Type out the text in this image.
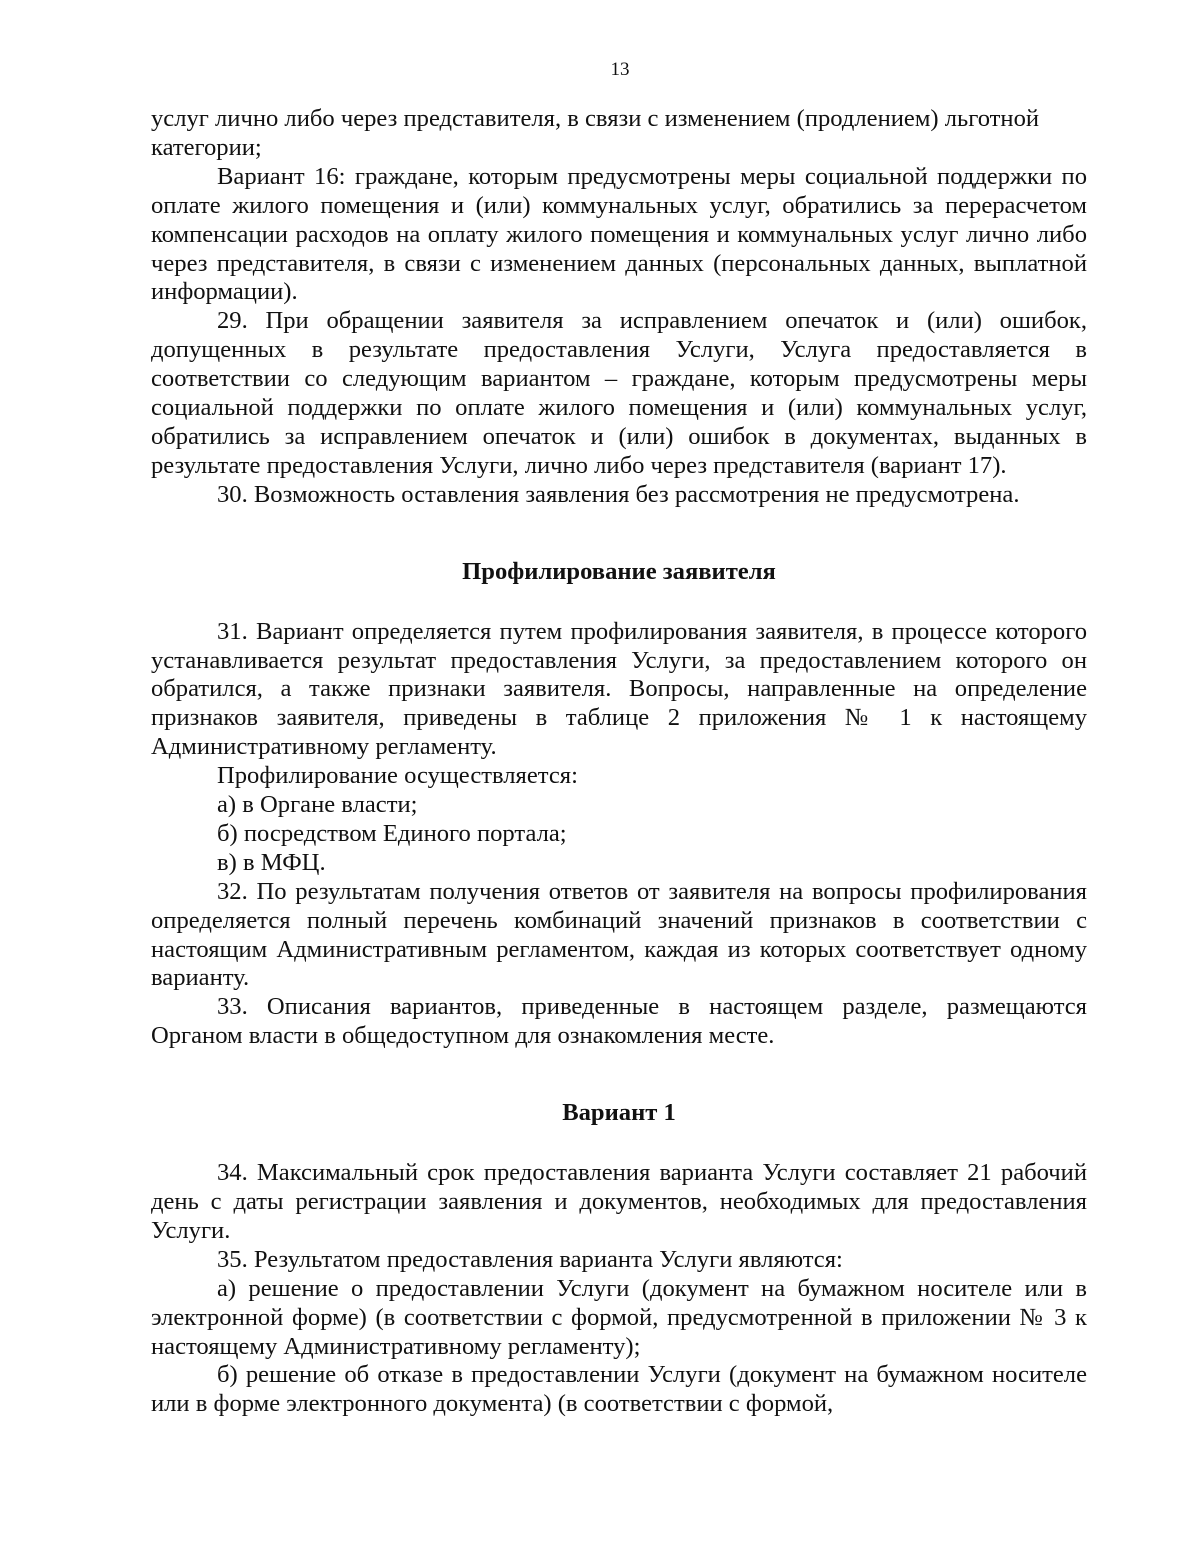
13

услуг лично либо через представителя, в связи с изменением (продлением) льготной категории;

Вариант 16: граждане, которым предусмотрены меры социальной поддержки по оплате жилого помещения и (или) коммунальных услуг, обратились за перерасчетом компенсации расходов на оплату жилого помещения и коммунальных услуг лично либо через представителя, в связи с изменением данных (персональных данных, выплатной информации).

29. При обращении заявителя за исправлением опечаток и (или) ошибок, допущенных в результате предоставления Услуги, Услуга предоставляется в соответствии со следующим вариантом – граждане, которым предусмотрены меры социальной поддержки по оплате жилого помещения и (или) коммунальных услуг, обратились за исправлением опечаток и (или) ошибок в документах, выданных в результате предоставления Услуги, лично либо через представителя (вариант 17).

30. Возможность оставления заявления без рассмотрения не предусмотрена.

Профилирование заявителя

31. Вариант определяется путем профилирования заявителя, в процессе которого устанавливается результат предоставления Услуги, за предоставлением которого он обратился, а также признаки заявителя. Вопросы, направленные на определение признаков заявителя, приведены в таблице 2 приложения № 1 к настоящему Административному регламенту.

Профилирование осуществляется:

а) в Органе власти;

б) посредством Единого портала;

в) в МФЦ.

32. По результатам получения ответов от заявителя на вопросы профилирования определяется полный перечень комбинаций значений признаков в соответствии с настоящим Административным регламентом, каждая из которых соответствует одному варианту.

33. Описания вариантов, приведенные в настоящем разделе, размещаются Органом власти в общедоступном для ознакомления месте.

Вариант 1

34. Максимальный срок предоставления варианта Услуги составляет 21 рабочий день с даты регистрации заявления и документов, необходимых для предоставления Услуги.

35. Результатом предоставления варианта Услуги являются:

а) решение о предоставлении Услуги (документ на бумажном носителе или в электронной форме) (в соответствии с формой, предусмотренной в приложении № 3 к настоящему Административному регламенту);

б) решение об отказе в предоставлении Услуги (документ на бумажном носителе или в форме электронного документа) (в соответствии с формой,
